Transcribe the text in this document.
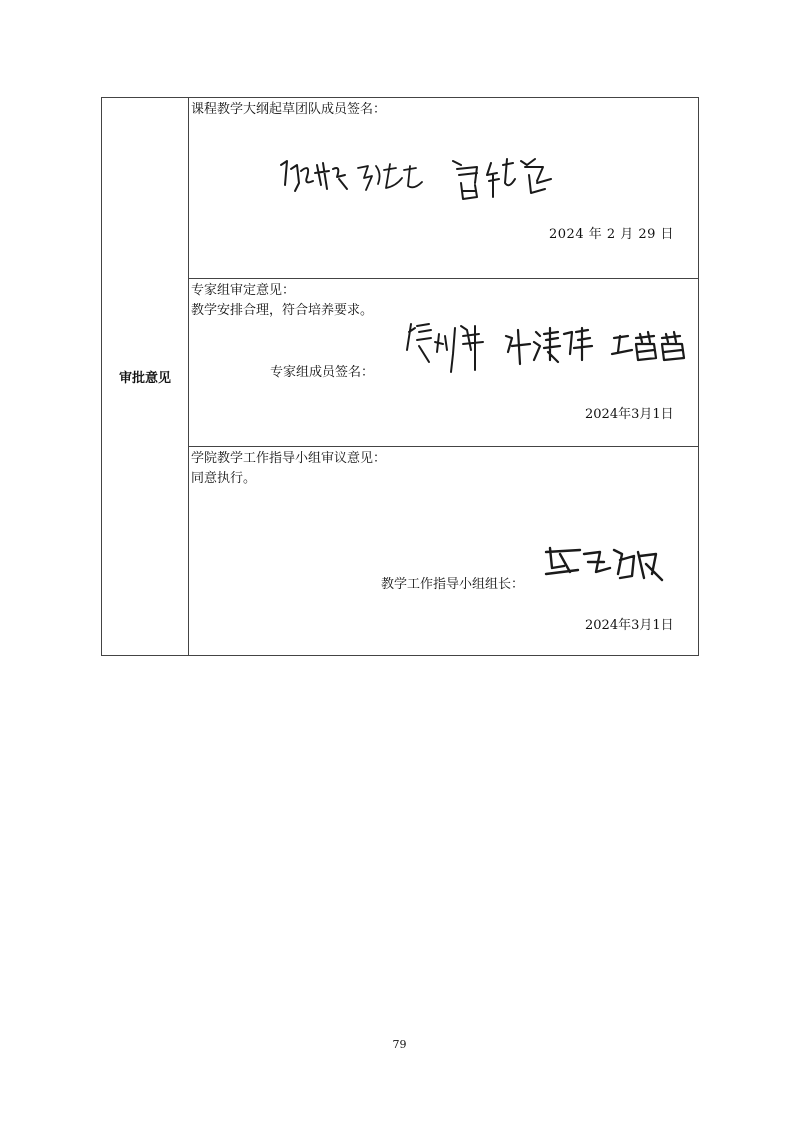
审批意见
课程教学大纲起草团队成员签名：
2024 年 2 月 29 日
专家组审定意见：
教学安排合理，符合培养要求。
专家组成员签名：
2024年3月1日
学院教学工作指导小组审议意见：
同意执行。
教学工作指导小组组长：
2024年3月1日
79
